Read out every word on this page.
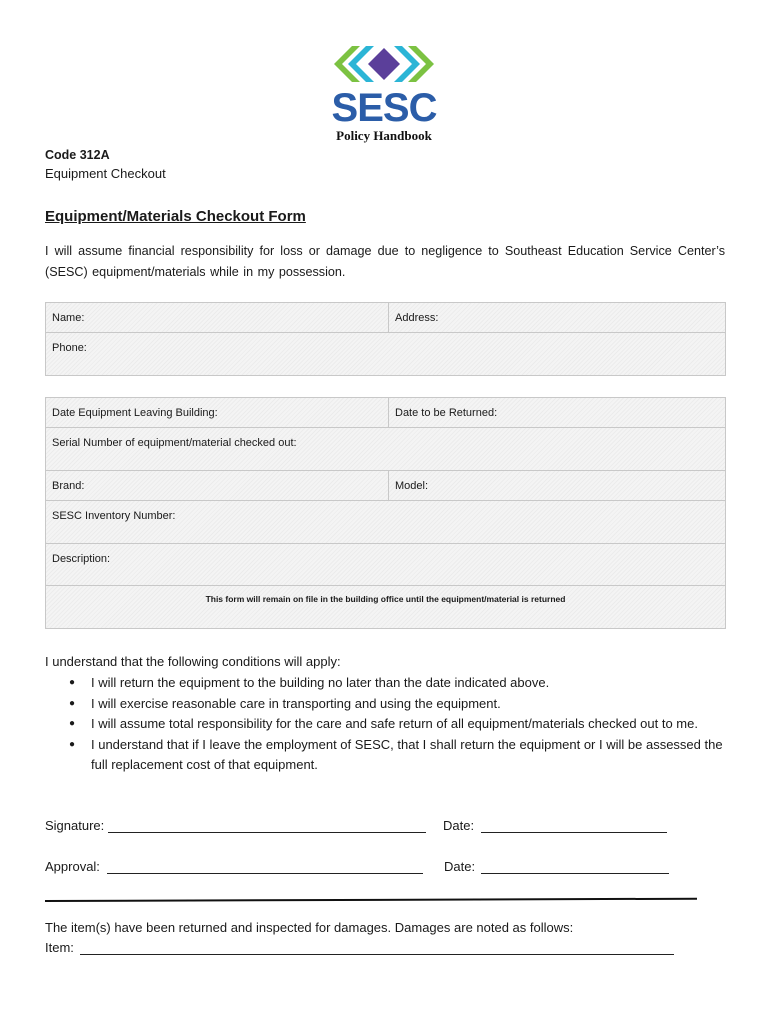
SESC
Policy Handbook
Code 312A
Equipment Checkout
Equipment/Materials Checkout Form
I will assume financial responsibility for loss or damage due to negligence to Southeast Education Service Center’s (SESC) equipment/materials while in my possession.
Name:	Address:
Phone:
Date Equipment Leaving Building:	Date to be Returned:
Serial Number of equipment/material checked out:
Brand:	Model:
SESC Inventory Number:
Description:
This form will remain on file in the building office until the equipment/material is returned
I understand that the following conditions will apply:
● I will return the equipment to the building no later than the date indicated above.
● I will exercise reasonable care in transporting and using the equipment.
● I will assume total responsibility for the care and safe return of all equipment/materials checked out to me.
● I understand that if I leave the employment of SESC, that I shall return the equipment or I will be assessed the full replacement cost of that equipment.
Signature:	Date:
Approval:	Date:
The item(s) have been returned and inspected for damages. Damages are noted as follows:
Item:
